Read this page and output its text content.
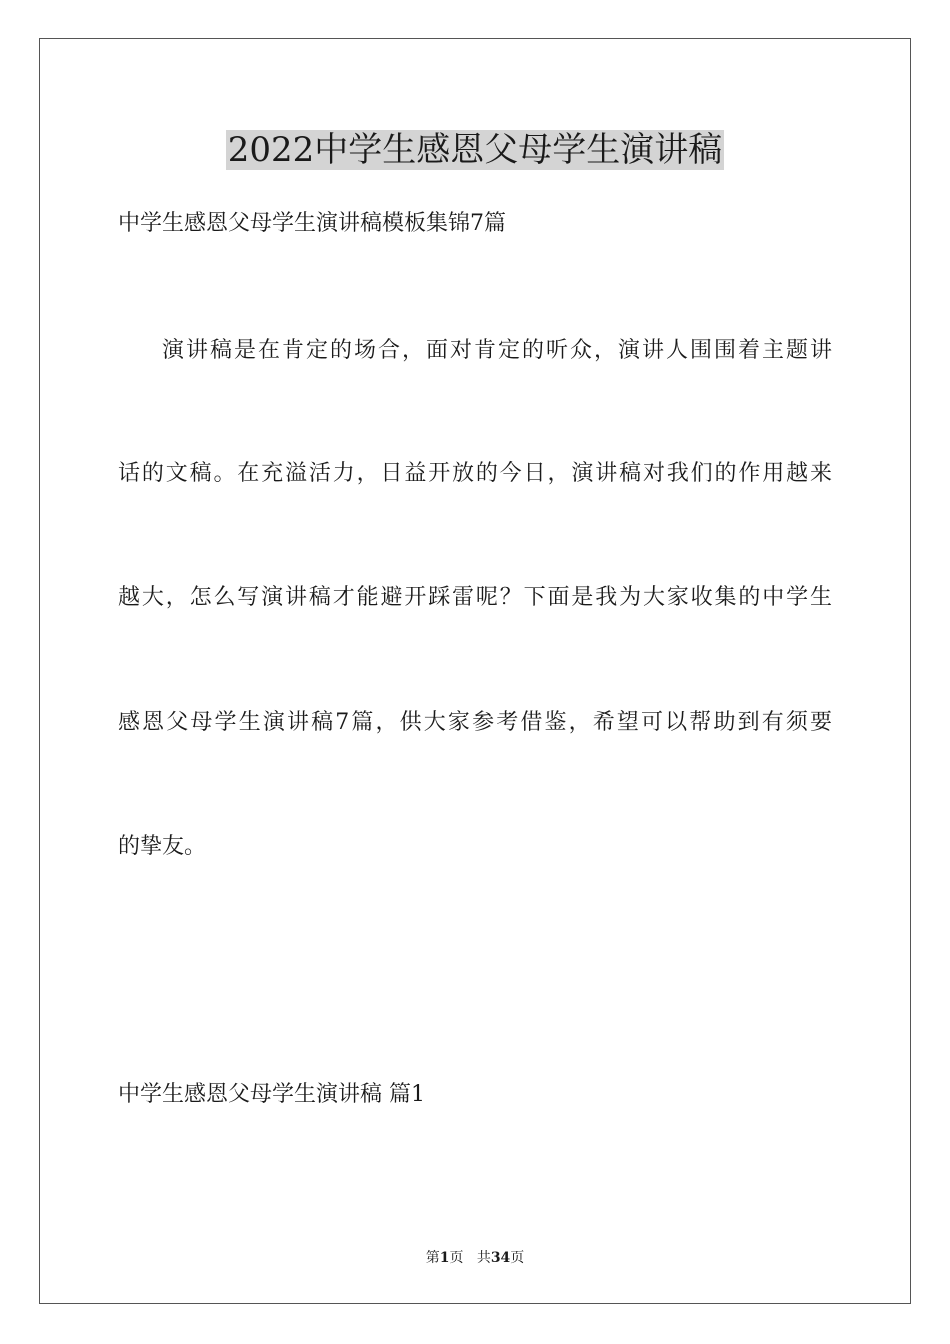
2022中学生感恩父母学生演讲稿
中学生感恩父母学生演讲稿模板集锦7篇
演讲稿是在肯定的场合，面对肯定的听众，演讲人围围着主题讲
话的文稿。在充溢活力，日益开放的今日，演讲稿对我们的作用越来
越大，怎么写演讲稿才能避开踩雷呢？下面是我为大家收集的中学生
感恩父母学生演讲稿7篇，供大家参考借鉴，希望可以帮助到有须要
的挚友。
中学生感恩父母学生演讲稿 篇1
第1页 共34页
